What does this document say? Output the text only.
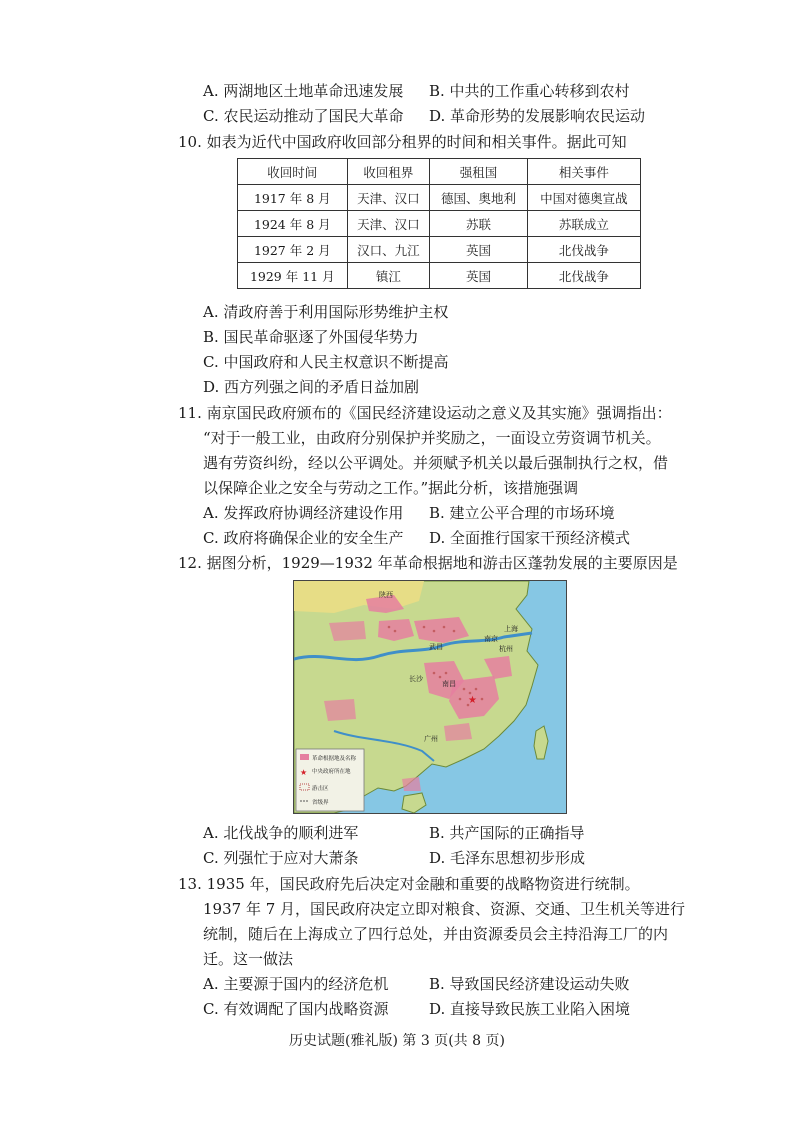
A. 两湖地区土地革命迅速发展 B. 中共的工作重心转移到农村
C. 农民运动推动了国民大革命 D. 革命形势的发展影响农民运动
10. 如表为近代中国政府收回部分租界的时间和相关事件。据此可知
收回时间	收回租界	强租国	相关事件
1917 年 8 月	天津、汉口	德国、奥地利	中国对德奥宣战
1924 年 8 月	天津、汉口	苏联	苏联成立
1927 年 2 月	汉口、九江	英国	北伐战争
1929 年 11 月	镇江	英国	北伐战争
A. 清政府善于利用国际形势维护主权
B. 国民革命驱逐了外国侵华势力
C. 中国政府和人民主权意识不断提高
D. 西方列强之间的矛盾日益加剧
11. 南京国民政府颁布的《国民经济建设运动之意义及其实施》强调指出：
“对于一般工业，由政府分别保护并奖励之，一面设立劳资调节机关。
遇有劳资纠纷，经以公平调处。并须赋予机关以最后强制执行之权，借
以保障企业之安全与劳动之工作。”据此分析，该措施强调
A. 发挥政府协调经济建设作用 B. 建立公平合理的市场环境
C. 政府将确保企业的安全生产 D. 全面推行国家干预经济模式
12. 据图分析，1929—1932 年革命根据地和游击区蓬勃发展的主要原因是
★
南京
上海
武昌
长沙
杭州
南昌
广州
陕西
革命根据地及名称
★ 中央政府所在地
游击区
省级界
A. 北伐战争的顺利进军	B. 共产国际的正确指导
C. 列强忙于应对大萧条	D. 毛泽东思想初步形成
13. 1935 年，国民政府先后决定对金融和重要的战略物资进行统制。
1937 年 7 月，国民政府决定立即对粮食、资源、交通、卫生机关等进行
统制，随后在上海成立了四行总处，并由资源委员会主持沿海工厂的内
迁。这一做法
A. 主要源于国内的经济危机	B. 导致国民经济建设运动失败
C. 有效调配了国内战略资源	D. 直接导致民族工业陷入困境
历史试题(雅礼版) 第 3 页(共 8 页)
